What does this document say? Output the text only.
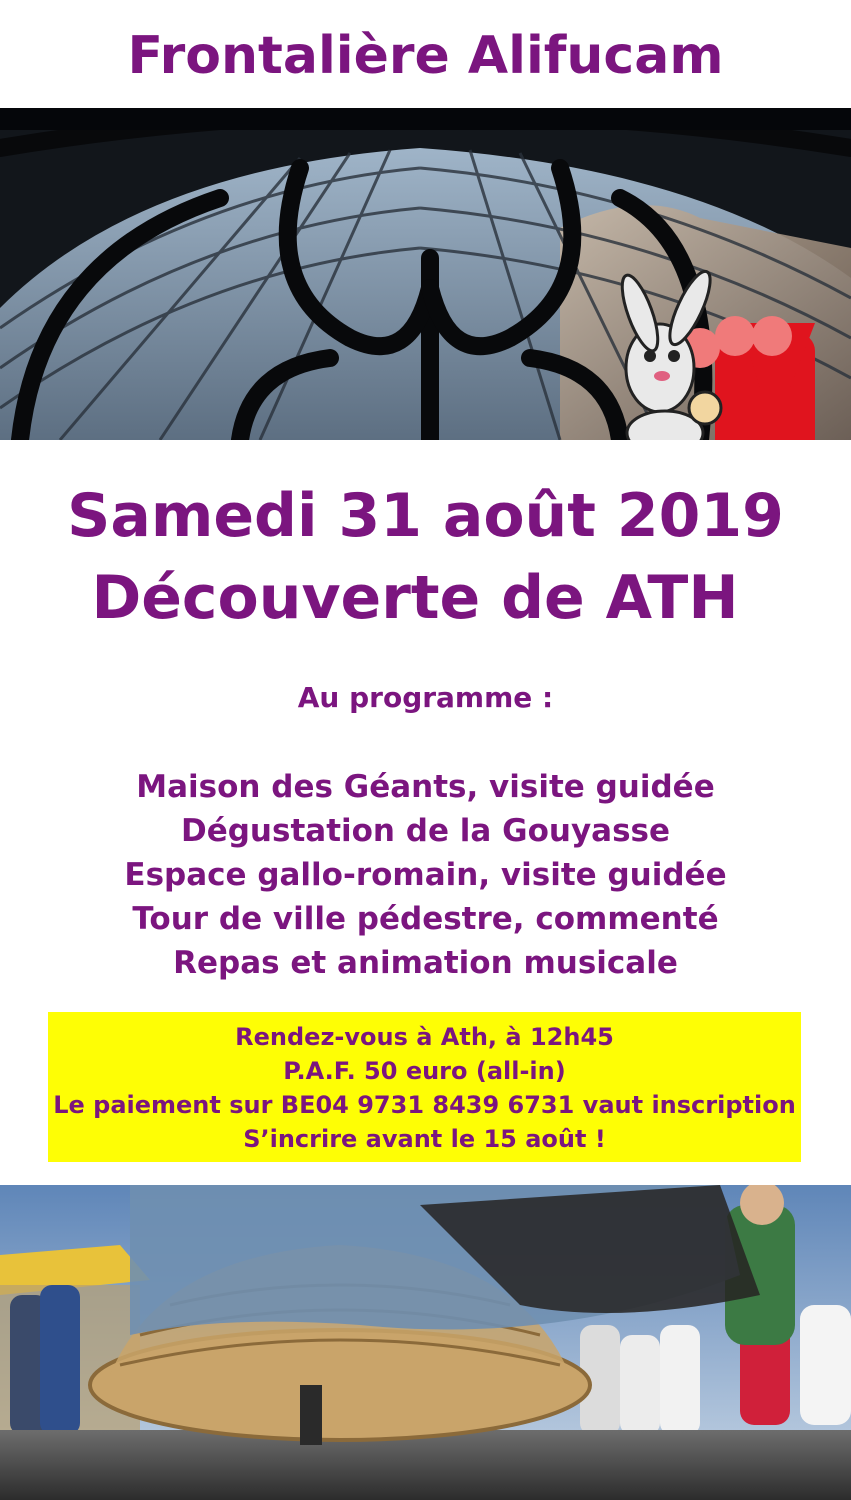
Frontalière Alifucam
Samedi 31 août 2019
Découverte de ATH
Au programme :
Maison des Géants, visite guidée
Dégustation de la Gouyasse
Espace gallo-romain, visite guidée
Tour de ville pédestre, commenté
Repas et animation musicale
Rendez-vous à Ath, à 12h45
P.A.F. 50 euro (all-in)
Le paiement sur BE04 9731 8439 6731 vaut inscription
S’incrire avant le 15 août !
